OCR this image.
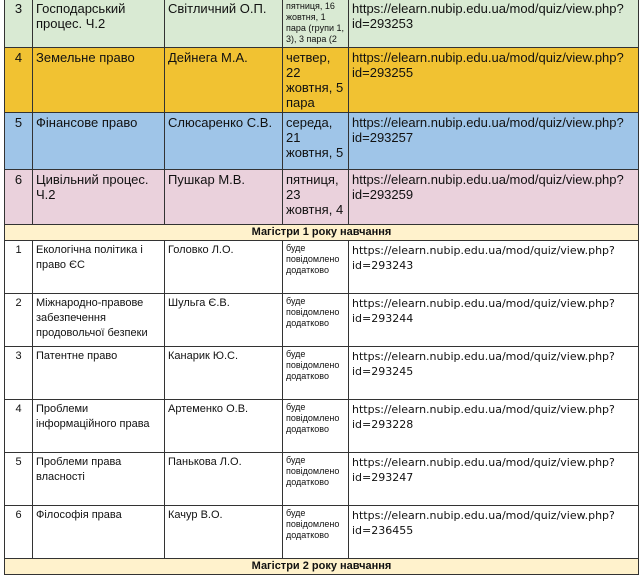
3	Господарський процес. Ч.2	Світличний О.П.	пятниця, 16 жовтня, 1 пара (групи 1, 3), 3 пара (2	https://elearn.nubip.edu.ua/mod/quiz/view.php?id=293253
4	Земельне право	Дейнега М.А.	четвер, 22 жовтня, 5 пара	https://elearn.nubip.edu.ua/mod/quiz/view.php?id=293255
5	Фінансове право	Слюсаренко С.В.	середа, 21 жовтня, 5	https://elearn.nubip.edu.ua/mod/quiz/view.php?id=293257
6	Цивільний процес. Ч.2	Пушкар М.В.	пятниця, 23 жовтня, 4	https://elearn.nubip.edu.ua/mod/quiz/view.php?id=293259
Магістри 1 року навчання				
1	Екологічна політика і право ЄС	Головко Л.О.	буде повідомлено додатково	https://elearn.nubip.edu.ua/mod/quiz/view.php?id=293243
2	Міжнародно-правове забезпечення продовольчої безпеки	Шульга Є.В.	буде повідомлено додатково	https://elearn.nubip.edu.ua/mod/quiz/view.php?id=293244
3	Патентне право	Канарик Ю.С.	буде повідомлено додатково	https://elearn.nubip.edu.ua/mod/quiz/view.php?id=293245
4	Проблеми інформаційного права	Артеменко О.В.	буде повідомлено додатково	https://elearn.nubip.edu.ua/mod/quiz/view.php?id=293228
5	Проблеми права власності	Панькова Л.О.	буде повідомлено додатково	https://elearn.nubip.edu.ua/mod/quiz/view.php?id=293247
6	Філософія права	Качур В.О.	буде повідомлено додатково	https://elearn.nubip.edu.ua/mod/quiz/view.php?id=236455
Магістри 2 року навчання				
